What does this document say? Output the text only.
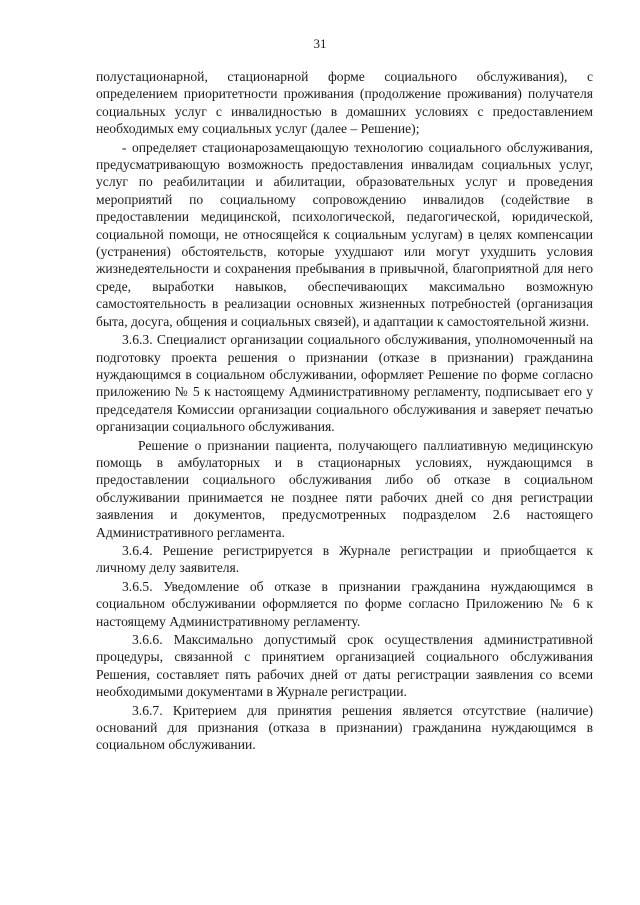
31

полустационарной, стационарной форме социального обслуживания), с определением приоритетности проживания (продолжение проживания) получателя социальных услуг с инвалидностью в домашних условиях с предоставлением необходимых ему социальных услуг (далее – Решение);

- определяет стационарозамещающую технологию социального обслуживания, предусматривающую возможность предоставления инвалидам социальных услуг, услуг по реабилитации и абилитации, образовательных услуг и проведения мероприятий по социальному сопровождению инвалидов (содействие в предоставлении медицинской, психологической, педагогической, юридической, социальной помощи, не относящейся к социальным услугам) в целях компенсации (устранения) обстоятельств, которые ухудшают или могут ухудшить условия жизнедеятельности и сохранения пребывания в привычной, благоприятной для него среде, выработки навыков, обеспечивающих максимально возможную самостоятельность в реализации основных жизненных потребностей (организация быта, досуга, общения и социальных связей), и адаптации к самостоятельной жизни.

3.6.3. Специалист организации социального обслуживания, уполномоченный на подготовку проекта решения о признании (отказе в признании) гражданина нуждающимся в социальном обслуживании, оформляет Решение по форме согласно приложению № 5 к настоящему Административному регламенту, подписывает его у председателя Комиссии организации социального обслуживания и заверяет печатью организации социального обслуживания.

Решение о признании пациента, получающего паллиативную медицинскую помощь в амбулаторных и в стационарных условиях, нуждающимся в предоставлении социального обслуживания либо об отказе в социальном обслуживании принимается не позднее пяти рабочих дней со дня регистрации заявления и документов, предусмотренных подразделом 2.6 настоящего Административного регламента.

3.6.4. Решение регистрируется в Журнале регистрации и приобщается к личному делу заявителя.

3.6.5. Уведомление об отказе в признании гражданина нуждающимся в социальном обслуживании оформляется по форме согласно Приложению № 6 к настоящему Административному регламенту.

3.6.6. Максимально допустимый срок осуществления административной процедуры, связанной с принятием организацией социального обслуживания Решения, составляет пять рабочих дней от даты регистрации заявления со всеми необходимыми документами в Журнале регистрации.

3.6.7. Критерием для принятия решения является отсутствие (наличие) оснований для признания (отказа в признании) гражданина нуждающимся в социальном обслуживании.
